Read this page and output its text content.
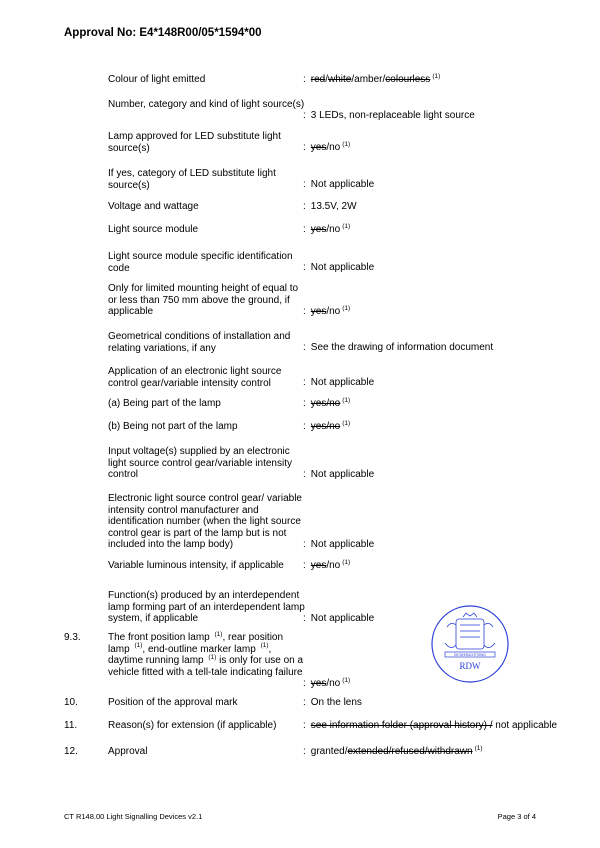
Approval No: E4*148R00/05*1594*00
Colour of light emitted	: red/white/amber/colourless $^{(1)}$
Number, category and kind of light source(s)
: 3 LEDs, non-replaceable light source
Lamp approved for LED substitute light source(s)	: yes/no $^{(1)}$
If yes, category of LED substitute light source(s)	: Not applicable
Voltage and wattage	: 13.5V, 2W
Light source module	: yes/no $^{(1)}$
Light source module specific identification code	: Not applicable
Only for limited mounting height of equal to or less than 750 mm above the ground, if applicable	: yes/no $^{(1)}$
Geometrical conditions of installation and relating variations, if any	: See the drawing of information document
Application of an electronic light source control gear/variable intensity control	: Not applicable
(a) Being part of the lamp	: yes/no $^{(1)}$
(b) Being not part of the lamp	: yes/no $^{(1)}$
Input voltage(s) supplied by an electronic light source control gear/variable intensity control	: Not applicable
Electronic light source control gear/ variable intensity control manufacturer and identification number (when the light source control gear is part of the lamp but is not included into the lamp body)	: Not applicable
Variable luminous intensity, if applicable	: yes/no $^{(1)}$
Function(s) produced by an interdependent lamp forming part of an interdependent lamp system, if applicable	: Not applicable
9.3.	The front position lamp $^{(1)}$, rear position lamp $^{(1)}$, end-outline marker lamp $^{(1)}$, daytime running lamp $^{(1)}$ is only for use on a vehicle fitted with a tell-tale indicating failure
: yes/no $^{(1)}$
10.	Position of the approval mark	: On the lens
11.	Reason(s) for extension (if applicable)	: see information folder (approval history) / not applicable
12.	Approval	: granted/extended/refused/withdrawn $^{(1)}$
DE BEKRACHTIGING
RDW
CT R148.00 Light Signalling Devices v2.1	Page 3 of 4
